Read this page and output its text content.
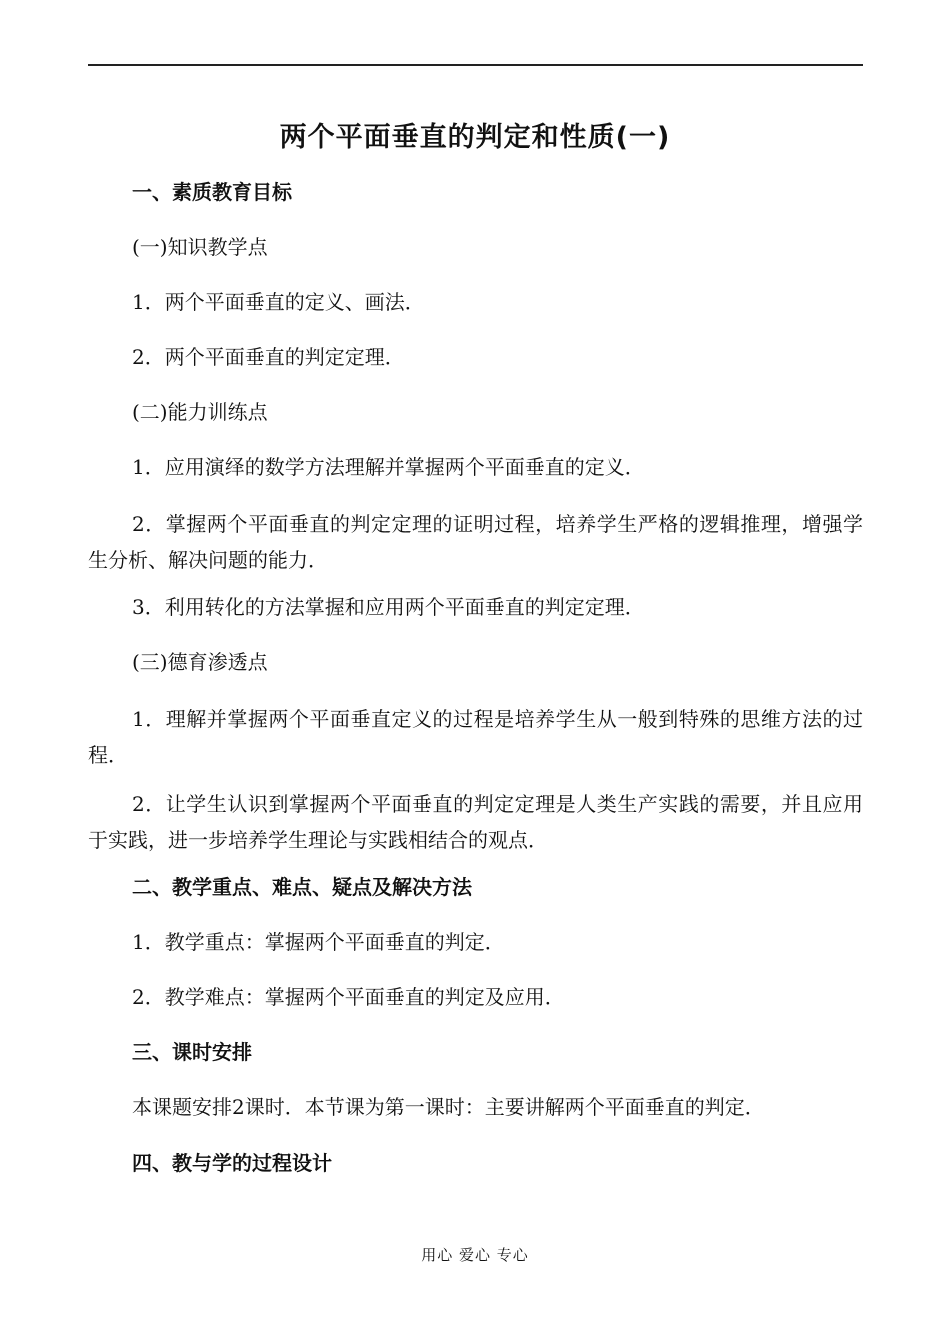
两个平面垂直的判定和性质(一)
一、素质教育目标
(一)知识教学点
1．两个平面垂直的定义、画法．
2．两个平面垂直的判定定理．
(二)能力训练点
1．应用演绎的数学方法理解并掌握两个平面垂直的定义．
2．掌握两个平面垂直的判定定理的证明过程，培养学生严格的逻辑推理，增强学生分析、解决问题的能力．
3．利用转化的方法掌握和应用两个平面垂直的判定定理．
(三)德育渗透点
1．理解并掌握两个平面垂直定义的过程是培养学生从一般到特殊的思维方法的过程．
2．让学生认识到掌握两个平面垂直的判定定理是人类生产实践的需要，并且应用于实践，进一步培养学生理论与实践相结合的观点．
二、教学重点、难点、疑点及解决方法
1．教学重点：掌握两个平面垂直的判定．
2．教学难点：掌握两个平面垂直的判定及应用．
三、课时安排
本课题安排2课时．本节课为第一课时：主要讲解两个平面垂直的判定．
四、教与学的过程设计
用心 爱心 专心
